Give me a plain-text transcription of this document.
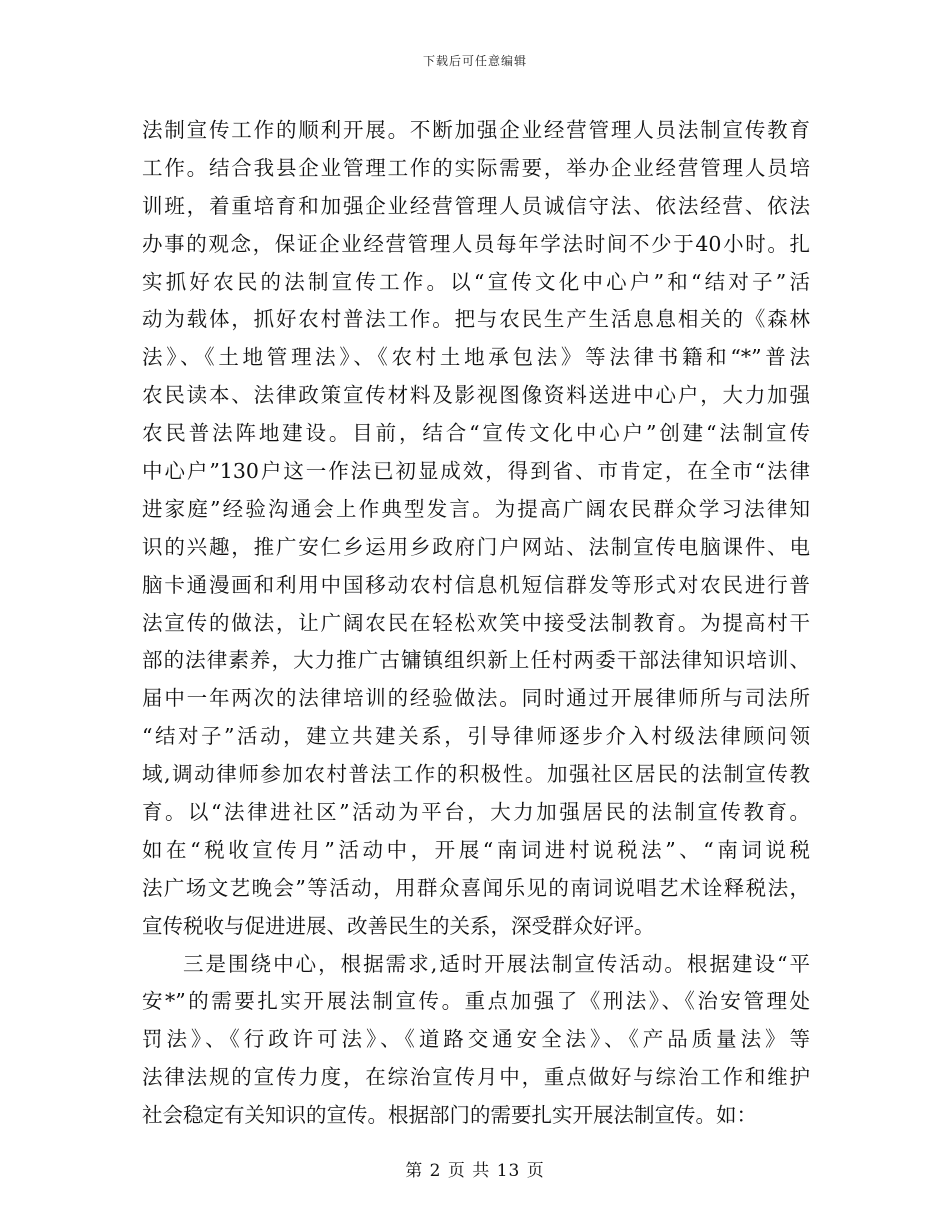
下载后可任意编辑
法制宣传工作的顺利开展。不断加强企业经营管理人员法制宣传教育
工作。结合我县企业管理工作的实际需要，举办企业经营管理人员培
训班，着重培育和加强企业经营管理人员诚信守法、依法经营、依法
办事的观念，保证企业经营管理人员每年学法时间不少于40小时。扎
实抓好农民的法制宣传工作。以“宣传文化中心户”和“结对子”活
动为载体，抓好农村普法工作。把与农民生产生活息息相关的《森林
法》、《土地管理法》、《农村土地承包法》等法律书籍和“*”普法
农民读本、法律政策宣传材料及影视图像资料送进中心户，大力加强
农民普法阵地建设。目前，结合“宣传文化中心户”创建“法制宣传
中心户”130户这一作法已初显成效，得到省、市肯定，在全市“法律
进家庭”经验沟通会上作典型发言。为提高广阔农民群众学习法律知
识的兴趣，推广安仁乡运用乡政府门户网站、法制宣传电脑课件、电
脑卡通漫画和利用中国移动农村信息机短信群发等形式对农民进行普
法宣传的做法，让广阔农民在轻松欢笑中接受法制教育。为提高村干
部的法律素养，大力推广古镛镇组织新上任村两委干部法律知识培训、
届中一年两次的法律培训的经验做法。同时通过开展律师所与司法所
“结对子”活动，建立共建关系，引导律师逐步介入村级法律顾问领
域,调动律师参加农村普法工作的积极性。加强社区居民的法制宣传教
育。以“法律进社区”活动为平台，大力加强居民的法制宣传教育。
如在“税收宣传月”活动中，开展“南词进村说税法”、“南词说税
法广场文艺晚会”等活动，用群众喜闻乐见的南词说唱艺术诠释税法，
宣传税收与促进进展、改善民生的关系，深受群众好评。
三是围绕中心，根据需求,适时开展法制宣传活动。根据建设“平
安*”的需要扎实开展法制宣传。重点加强了《刑法》、《治安管理处
罚法》、《行政许可法》、《道路交通安全法》、《产品质量法》等
法律法规的宣传力度，在综治宣传月中，重点做好与综治工作和维护
社会稳定有关知识的宣传。根据部门的需要扎实开展法制宣传。如：
第 2 页 共 13 页
